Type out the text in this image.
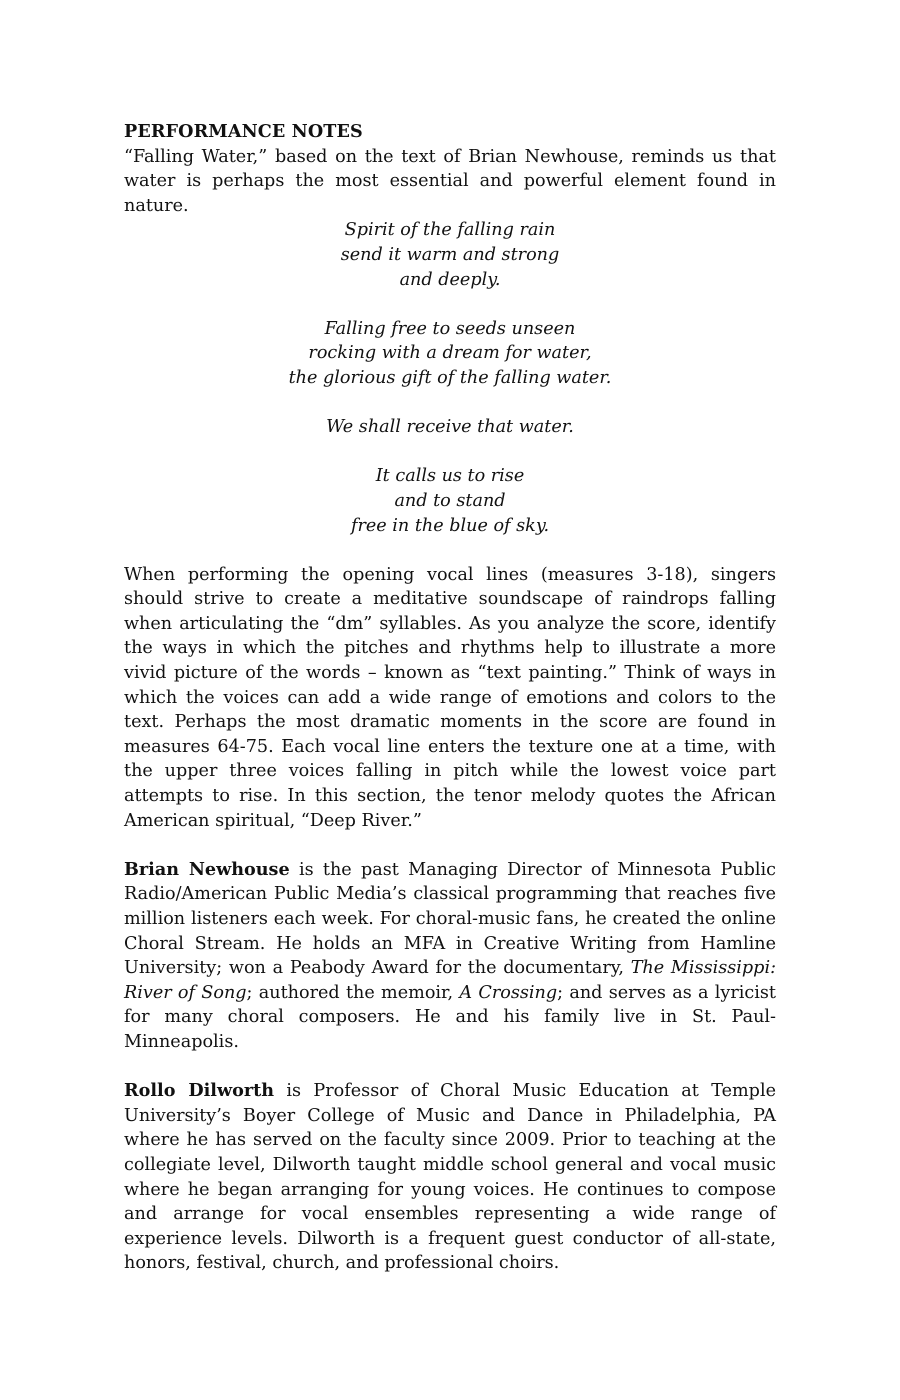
PERFORMANCE NOTES

“Falling Water,” based on the text of Brian Newhouse, reminds us that water is perhaps the most essential and powerful element found in nature.

Spirit of the falling rain
send it warm and strong
and deeply.
Falling free to seeds unseen
rocking with a dream for water,
the glorious gift of the falling water.
We shall receive that water.
It calls us to rise
and to stand
free in the blue of sky.

When performing the opening vocal lines (measures 3-18), singers should strive to create a meditative soundscape of raindrops falling when articulating the “dm” syllables. As you analyze the score, identify the ways in which the pitches and rhythms help to illustrate a more vivid picture of the words – known as “text painting.” Think of ways in which the voices can add a wide range of emotions and colors to the text. Perhaps the most dramatic moments in the score are found in measures 64-75. Each vocal line enters the texture one at a time, with the upper three voices falling in pitch while the lowest voice part attempts to rise. In this section, the tenor melody quotes the African American spiritual, “Deep River.”

Brian Newhouse is the past Managing Director of Minnesota Public Radio/American Public Media’s classical programming that reaches five million listeners each week. For choral-music fans, he created the online Choral Stream. He holds an MFA in Creative Writing from Hamline University; won a Peabody Award for the documentary, The Mississippi: River of Song; authored the memoir, A Crossing; and serves as a lyricist for many choral composers. He and his family live in St. Paul-Minneapolis.

Rollo Dilworth is Professor of Choral Music Education at Temple University’s Boyer College of Music and Dance in Philadelphia, PA where he has served on the faculty since 2009. Prior to teaching at the collegiate level, Dilworth taught middle school general and vocal music where he began arranging for young voices. He continues to compose and arrange for vocal ensembles representing a wide range of experience levels. Dilworth is a frequent guest conductor of all-state, honors, festival, church, and professional choirs.
